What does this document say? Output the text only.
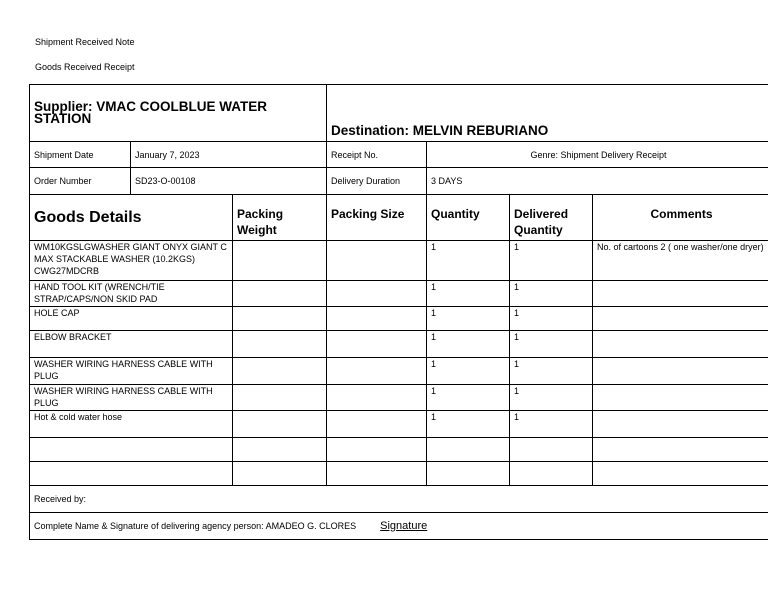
Shipment Received Note
Goods Received Receipt
Supplier: VMAC COOLBLUE WATER STATION			Destination: MELVIN REBURIANO			
Shipment Date	January 7, 2023		Receipt No.	Genre: Shipment Delivery Receipt		
Order Number	SD23-O-00108		Delivery Duration	3 DAYS		
Goods Details		Packing Weight	Packing Size	Quantity	Delivered Quantity	Comments
WM10KGSLGWASHER GIANT ONYX GIANT C MAX STACKABLE WASHER (10.2KGS) CWG27MDCRB				1	1	No. of cartoons 2 ( one washer/one dryer)
HAND TOOL KIT (WRENCH/TIE STRAP/CAPS/NON SKID PAD				1	1	
HOLE CAP				1	1	
ELBOW BRACKET				1	1	
WASHER WIRING HARNESS CABLE WITH PLUG				1	1	
WASHER WIRING HARNESS CABLE WITH PLUG				1	1	
Hot & cold water hose				1	1	

Received by:						
Complete Name & Signature of delivering agency person: AMADEO G. CLORES Signature						
